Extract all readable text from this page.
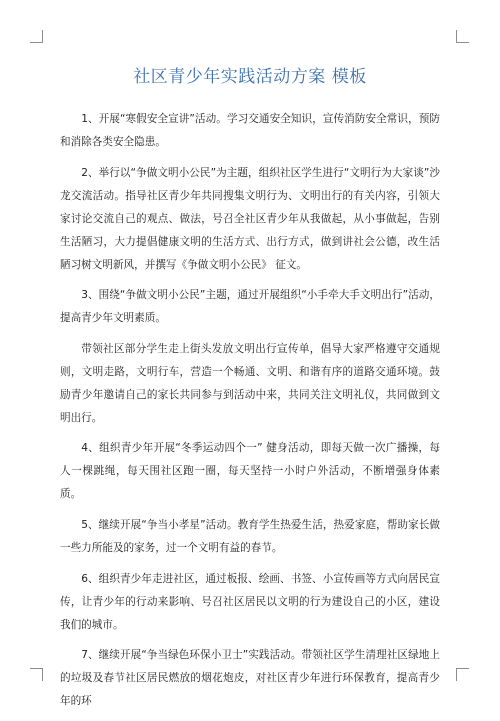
社区青少年实践活动方案 模板

1、开展“寒假安全宣讲”活动。学习交通安全知识，宣传消防安全常识，预防和消除各类安全隐患。

2、举行以“争做文明小公民”为主题，组织社区学生进行“文明行为大家谈”沙龙交流活动。指导社区青少年共同搜集文明行为、文明出行的有关内容，引领大家讨论交流自己的观点、做法，号召全社区青少年从我做起，从小事做起，告别生活陋习，大力提倡健康文明的生活方式、出行方式，做到讲社会公德，改生活陋习树文明新风，并撰写《争做文明小公民》 征文。

3、围绕“争做文明小公民”主题，通过开展组织“小手牵大手文明出行”活动，提高青少年文明素质。

带领社区部分学生走上街头发放文明出行宣传单，倡导大家严格遵守交通规则，文明走路，文明行车，营造一个畅通、文明、和谐有序的道路交通环境。鼓励青少年邀请自己的家长共同参与到活动中来，共同关注文明礼仪，共同做到文明出行。

4、组织青少年开展“冬季运动四个一” 健身活动，即每天做一次广播操，每人一棵跳绳，每天围社区跑一圈，每天坚持一小时户外活动，不断增强身体素质。

5、继续开展“争当小孝星”活动。教育学生热爱生活，热爱家庭，帮助家长做一些力所能及的家务，过一个文明有益的春节。

6、组织青少年走进社区，通过板报、绘画、书签、小宣传画等方式向居民宣传，让青少年的行动来影响、号召社区居民以文明的行为建设自己的小区，建设我们的城市。

7、继续开展“争当绿色环保小卫士”实践活动。带领社区学生清理社区绿地上的垃圾及春节社区居民燃放的烟花炮皮，对社区青少年进行环保教育，提高青少年的环
